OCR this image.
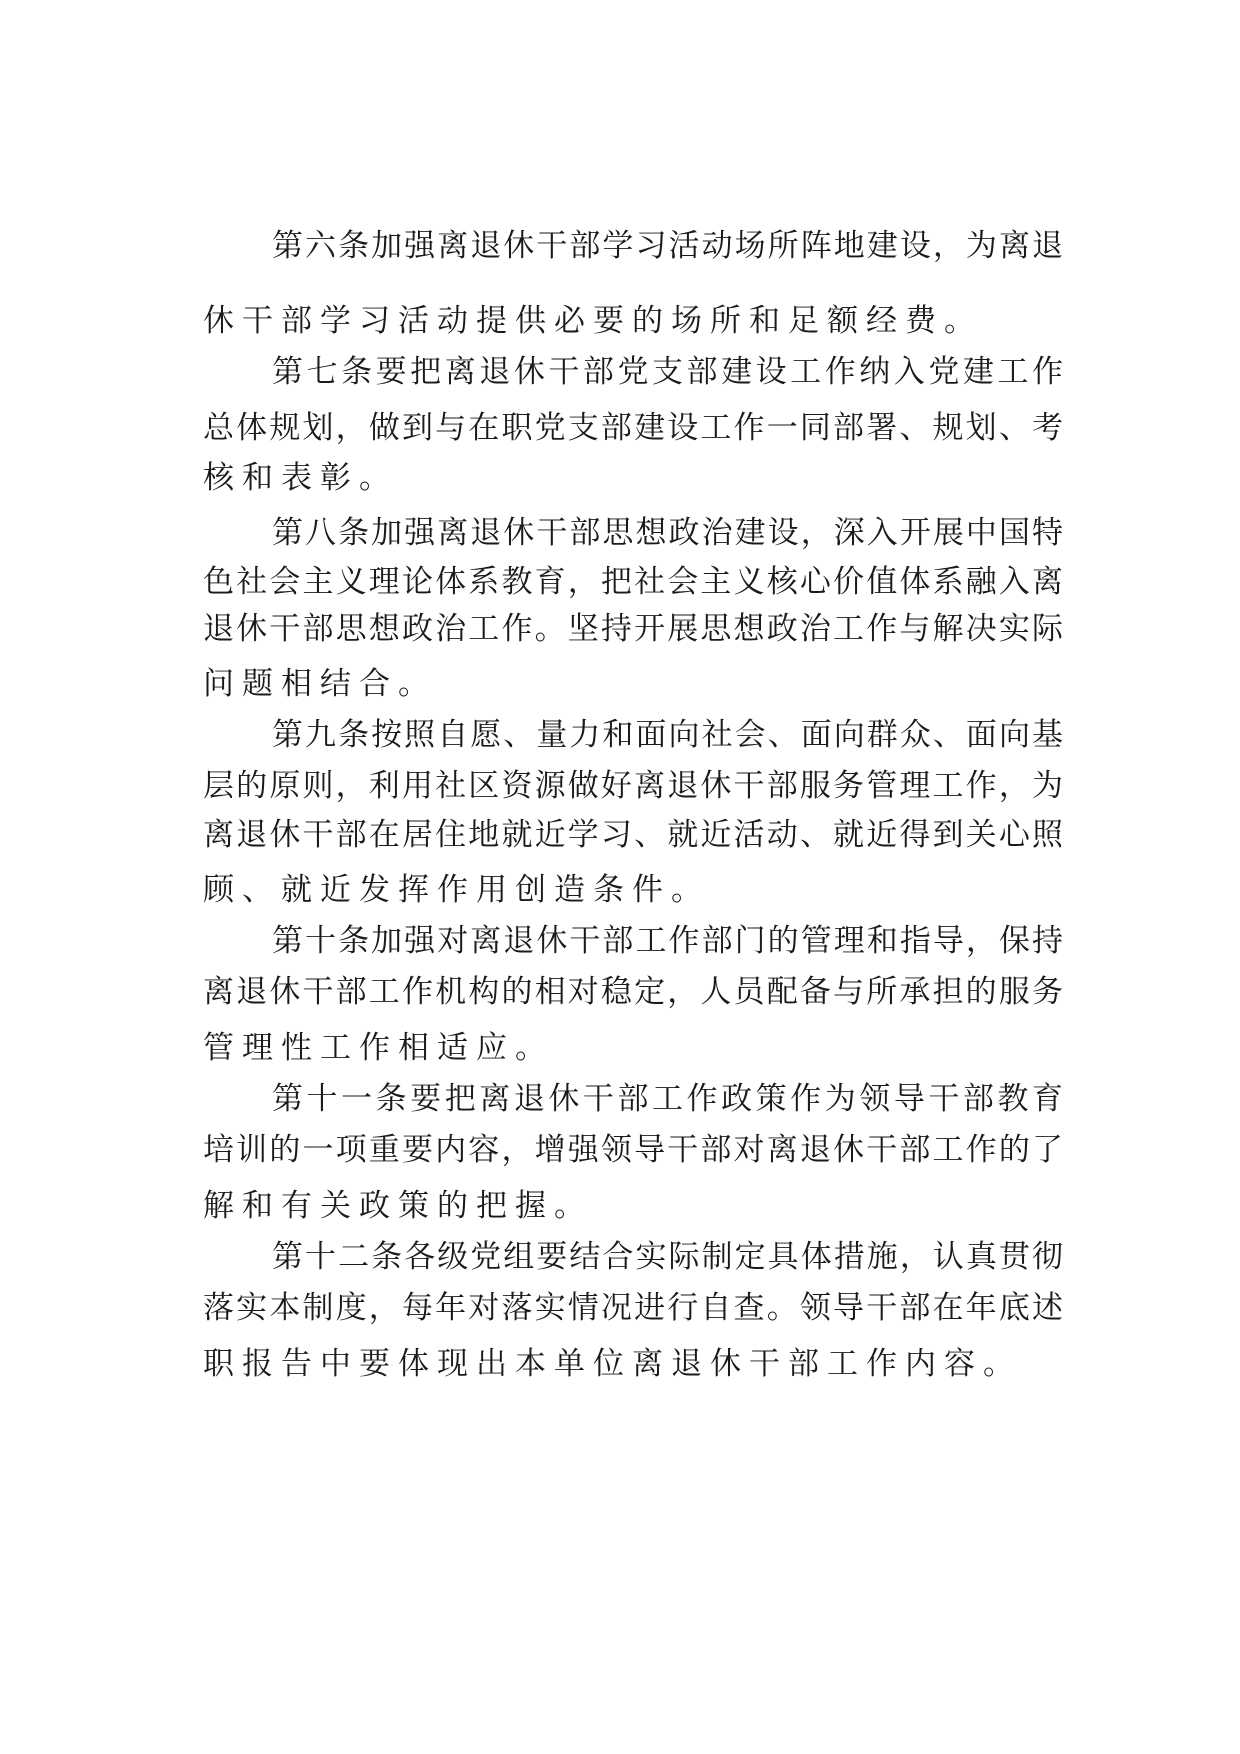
第六条加强离退休干部学习活动场所阵地建设，为离退
休干部学习活动提供必要的场所和足额经费。
第七条要把离退休干部党支部建设工作纳入党建工作
总体规划，做到与在职党支部建设工作一同部署、规划、考
核和表彰。
第八条加强离退休干部思想政治建设，深入开展中国特
色社会主义理论体系教育，把社会主义核心价值体系融入离
退休干部思想政治工作。坚持开展思想政治工作与解决实际
问题相结合。
第九条按照自愿、量力和面向社会、面向群众、面向基
层的原则，利用社区资源做好离退休干部服务管理工作，为
离退休干部在居住地就近学习、就近活动、就近得到关心照
顾、就近发挥作用创造条件。
第十条加强对离退休干部工作部门的管理和指导，保持
离退休干部工作机构的相对稳定，人员配备与所承担的服务
管理性工作相适应。
第十一条要把离退休干部工作政策作为领导干部教育
培训的一项重要内容，增强领导干部对离退休干部工作的了
解和有关政策的把握。
第十二条各级党组要结合实际制定具体措施，认真贯彻
落实本制度，每年对落实情况进行自查。领导干部在年底述
职报告中要体现出本单位离退休干部工作内容。
